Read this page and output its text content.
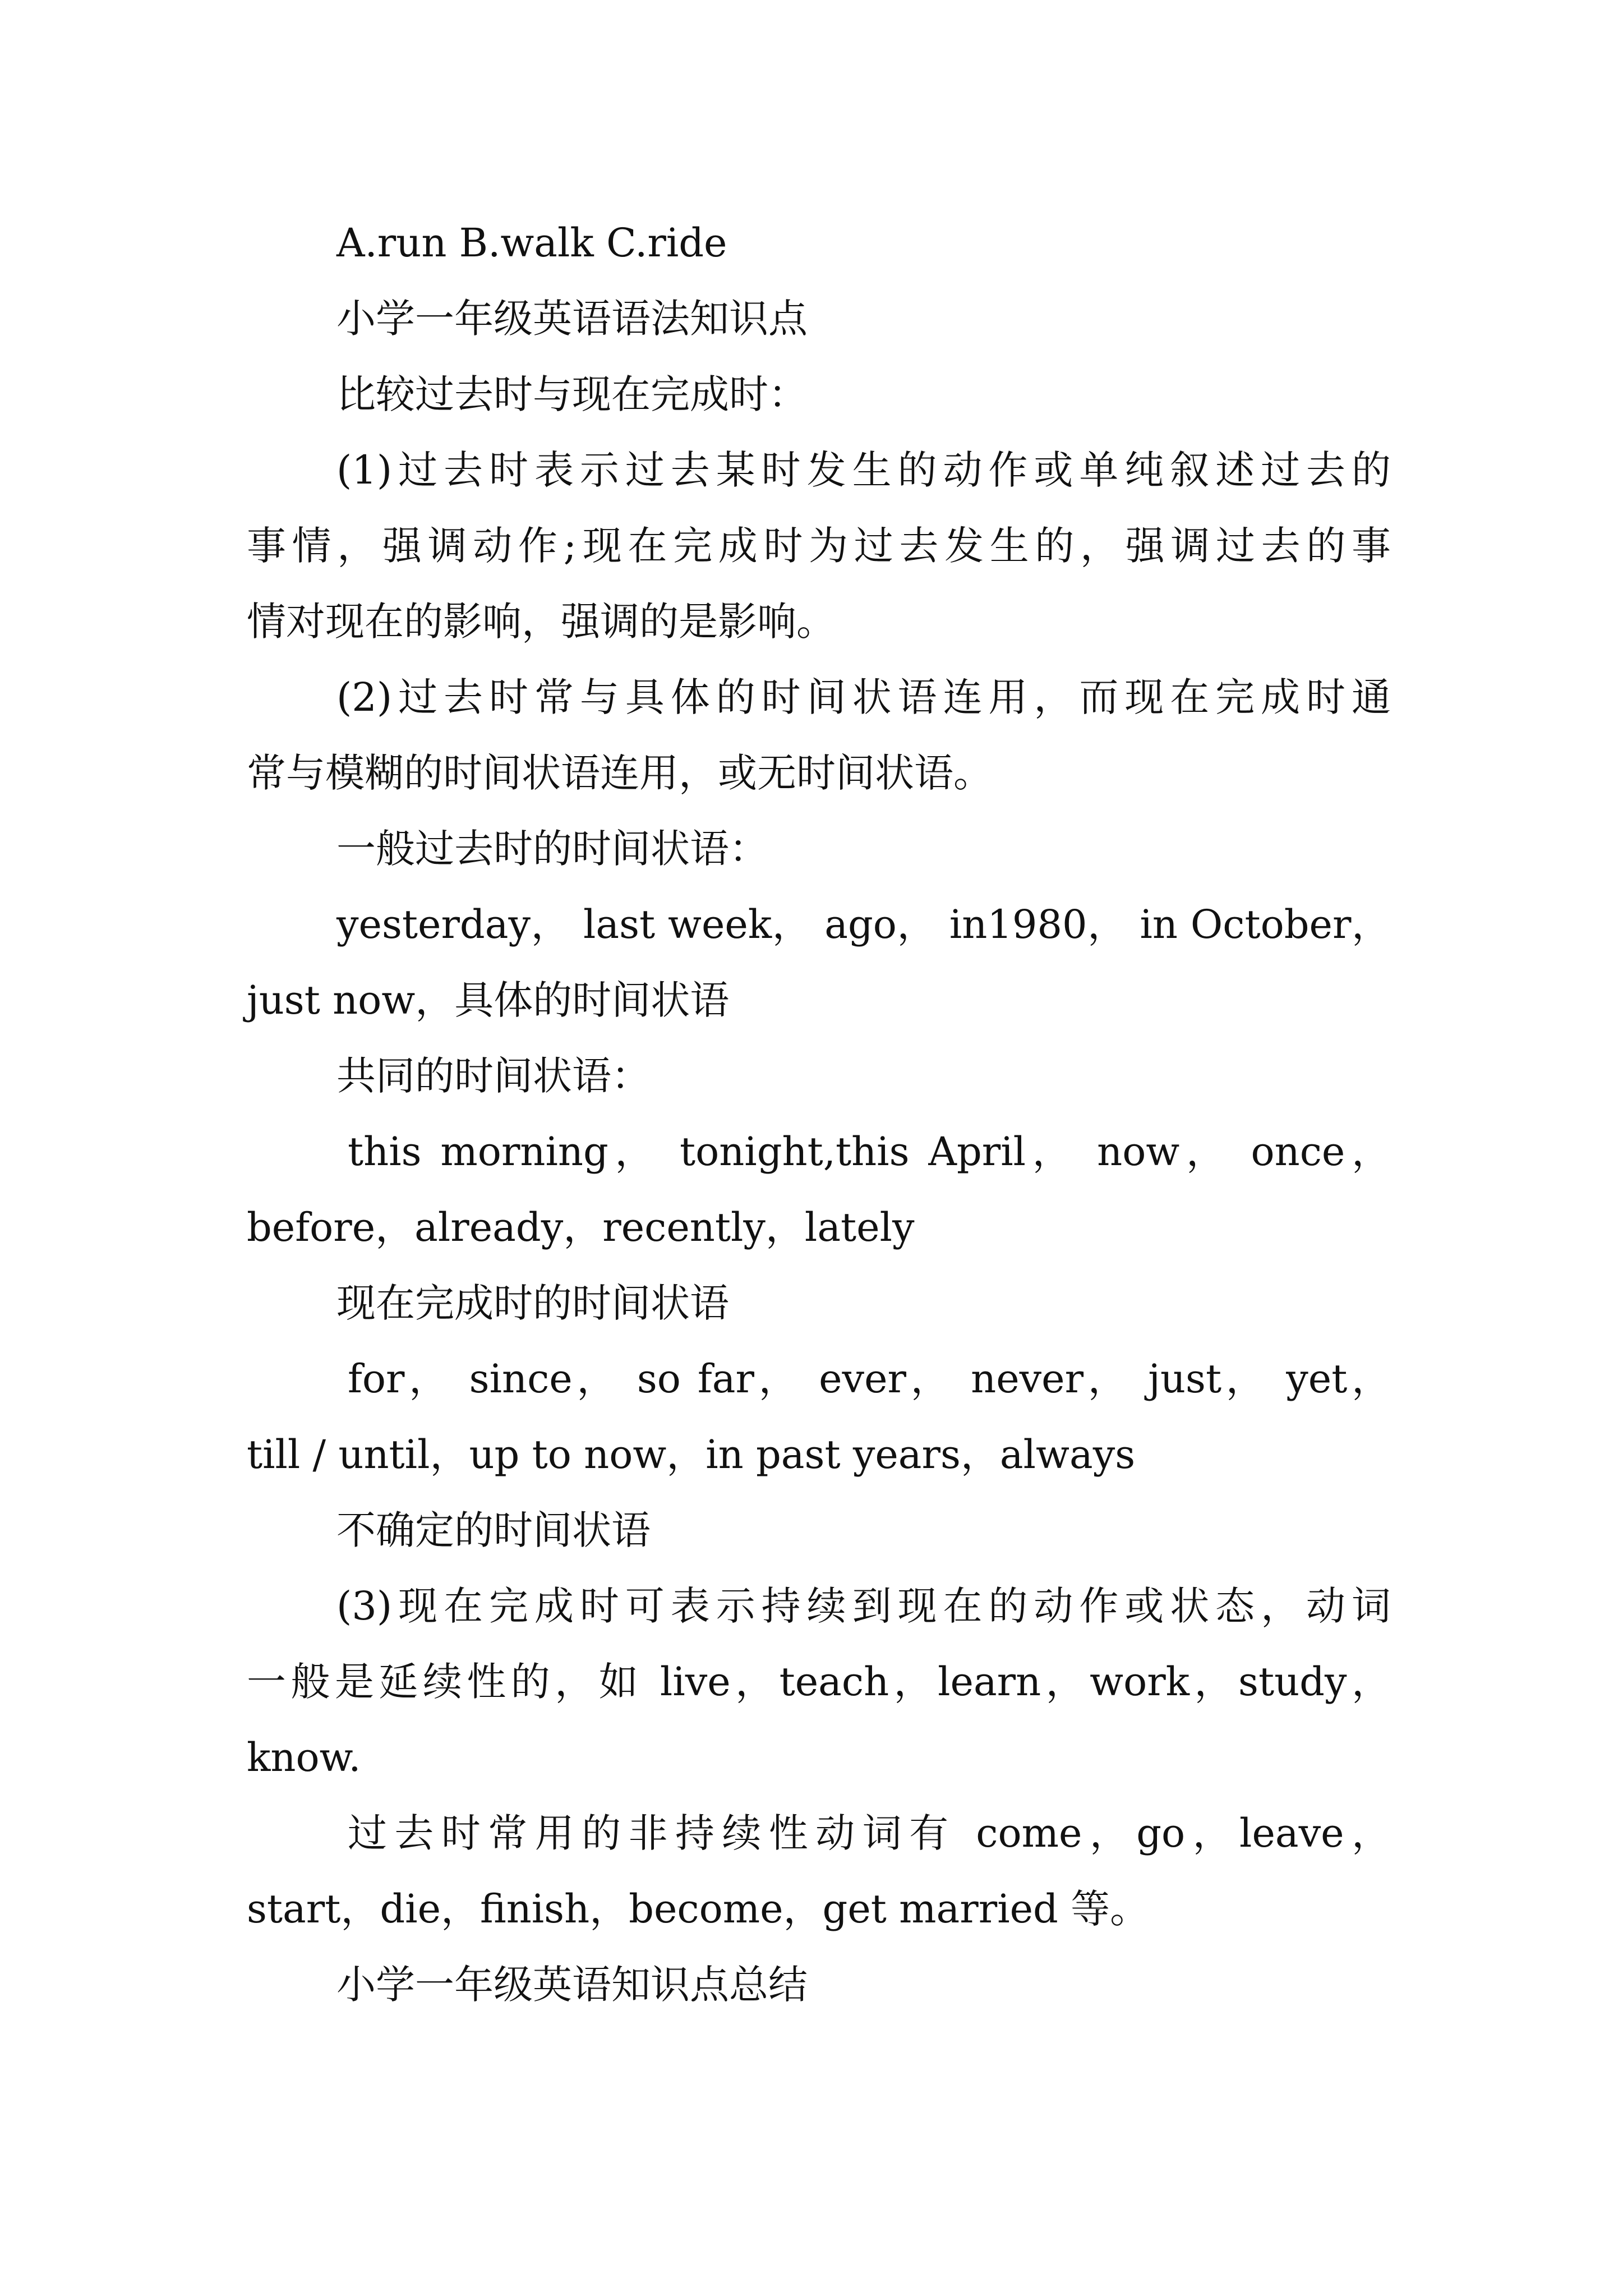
A.run B.walk C.ride

小学一年级英语语法知识点

比较过去时与现在完成时：

(1)过去时表示过去某时发生的动作或单纯叙述过去的

事情，强调动作;现在完成时为过去发生的，强调过去的事

情对现在的影响，强调的是影响。

(2)过去时常与具体的时间状语连用，而现在完成时通

常与模糊的时间状语连用，或无时间状语。

一般过去时的时间状语：

yesterday， last week， ago， in1980， in October，

just now，具体的时间状语

共同的时间状语：

this morning， tonight,this April， now， once，

before，already，recently，lately

现在完成时的时间状语

for， since， so far， ever， never， just， yet，

till / until，up to now，in past years，always

不确定的时间状语

(3)现在完成时可表示持续到现在的动作或状态，动词

一般是延续性的，如 live，teach，learn，work，study，

know.

过去时常用的非持续性动词有 come，go，leave，

start，die，finish，become，get married 等。

小学一年级英语知识点总结
